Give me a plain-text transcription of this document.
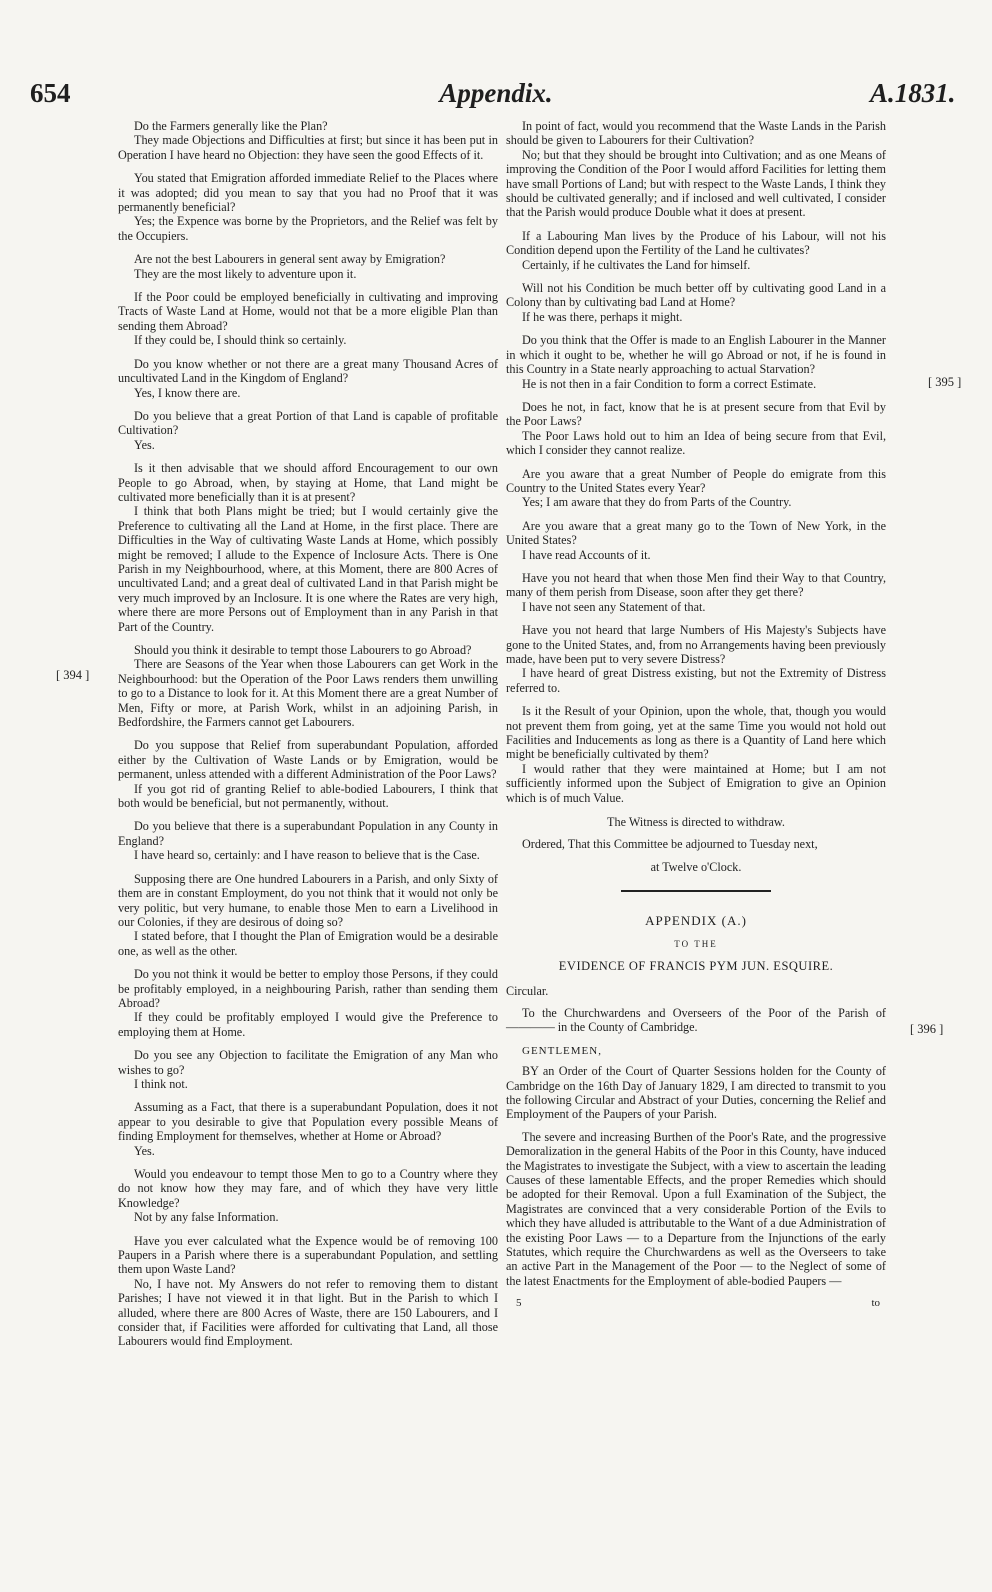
654	Appendix.	A.1831.
[ 394 ]
[ 395 ]
[ 396 ]

Do the Farmers generally like the Plan?

They made Objections and Difficulties at first; but since it has been put in Operation I have heard no Objection: they have seen the good Effects of it.

You stated that Emigration afforded immediate Relief to the Places where it was adopted; did you mean to say that you had no Proof that it was permanently beneficial?

Yes; the Expence was borne by the Proprietors, and the Relief was felt by the Occupiers.

Are not the best Labourers in general sent away by Emigration?

They are the most likely to adventure upon it.

If the Poor could be employed beneficially in cultivating and improving Tracts of Waste Land at Home, would not that be a more eligible Plan than sending them Abroad?

If they could be, I should think so certainly.

Do you know whether or not there are a great many Thousand Acres of uncultivated Land in the Kingdom of England?

Yes, I know there are.

Do you believe that a great Portion of that Land is capable of profitable Cultivation?

Yes.

Is it then advisable that we should afford Encouragement to our own People to go Abroad, when, by staying at Home, that Land might be cultivated more beneficially than it is at present?

I think that both Plans might be tried; but I would certainly give the Preference to cultivating all the Land at Home, in the first place. There are Difficulties in the Way of cultivating Waste Lands at Home, which possibly might be removed; I allude to the Expence of Inclosure Acts. There is One Parish in my Neighbourhood, where, at this Moment, there are 800 Acres of uncultivated Land; and a great deal of cultivated Land in that Parish might be very much improved by an Inclosure. It is one where the Rates are very high, where there are more Persons out of Employment than in any Parish in that Part of the Country.

Should you think it desirable to tempt those Labourers to go Abroad?

There are Seasons of the Year when those Labourers can get Work in the Neighbourhood: but the Operation of the Poor Laws renders them unwilling to go to a Distance to look for it. At this Moment there are a great Number of Men, Fifty or more, at Parish Work, whilst in an adjoining Parish, in Bedfordshire, the Farmers cannot get Labourers.

Do you suppose that Relief from superabundant Population, afforded either by the Cultivation of Waste Lands or by Emigration, would be permanent, unless attended with a different Administration of the Poor Laws?

If you got rid of granting Relief to able-bodied Labourers, I think that both would be beneficial, but not permanently, without.

Do you believe that there is a superabundant Population in any County in England?

I have heard so, certainly: and I have reason to believe that is the Case.

Supposing there are One hundred Labourers in a Parish, and only Sixty of them are in constant Employment, do you not think that it would not only be very politic, but very humane, to enable those Men to earn a Livelihood in our Colonies, if they are desirous of doing so?

I stated before, that I thought the Plan of Emigration would be a desirable one, as well as the other.

Do you not think it would be better to employ those Persons, if they could be profitably employed, in a neighbouring Parish, rather than sending them Abroad?

If they could be profitably employed I would give the Preference to employing them at Home.

Do you see any Objection to facilitate the Emigration of any Man who wishes to go?

I think not.

Assuming as a Fact, that there is a superabundant Population, does it not appear to you desirable to give that Population every possible Means of finding Employment for themselves, whether at Home or Abroad?

Yes.

Would you endeavour to tempt those Men to go to a Country where they do not know how they may fare, and of which they have very little Knowledge?

Not by any false Information.

Have you ever calculated what the Expence would be of removing 100 Paupers in a Parish where there is a superabundant Population, and settling them upon Waste Land?

No, I have not. My Answers do not refer to removing them to distant Parishes; I have not viewed it in that light. But in the Parish to which I alluded, where there are 800 Acres of Waste, there are 150 Labourers, and I consider that, if Facilities were afforded for cultivating that Land, all those Labourers would find Employment.

In point of fact, would you recommend that the Waste Lands in the Parish should be given to Labourers for their Cultivation?

No; but that they should be brought into Cultivation; and as one Means of improving the Condition of the Poor I would afford Facilities for letting them have small Portions of Land; but with respect to the Waste Lands, I think they should be cultivated generally; and if inclosed and well cultivated, I consider that the Parish would produce Double what it does at present.

If a Labouring Man lives by the Produce of his Labour, will not his Condition depend upon the Fertility of the Land he cultivates?

Certainly, if he cultivates the Land for himself.

Will not his Condition be much better off by cultivating good Land in a Colony than by cultivating bad Land at Home?

If he was there, perhaps it might.

Do you think that the Offer is made to an English Labourer in the Manner in which it ought to be, whether he will go Abroad or not, if he is found in this Country in a State nearly approaching to actual Starvation?

He is not then in a fair Condition to form a correct Estimate.

Does he not, in fact, know that he is at present secure from that Evil by the Poor Laws?

The Poor Laws hold out to him an Idea of being secure from that Evil, which I consider they cannot realize.

Are you aware that a great Number of People do emigrate from this Country to the United States every Year?

Yes; I am aware that they do from Parts of the Country.

Are you aware that a great many go to the Town of New York, in the United States?

I have read Accounts of it.

Have you not heard that when those Men find their Way to that Country, many of them perish from Disease, soon after they get there?

I have not seen any Statement of that.

Have you not heard that large Numbers of His Majesty's Subjects have gone to the United States, and, from no Arrangements having been previously made, have been put to very severe Distress?

I have heard of great Distress existing, but not the Extremity of Distress referred to.

Is it the Result of your Opinion, upon the whole, that, though you would not prevent them from going, yet at the same Time you would not hold out Facilities and Inducements as long as there is a Quantity of Land here which might be beneficially cultivated by them?

I would rather that they were maintained at Home; but I am not sufficiently informed upon the Subject of Emigration to give an Opinion which is of much Value.

The Witness is directed to withdraw.
Ordered, That this Committee be adjourned to Tuesday next,
at Twelve o'Clock.
APPENDIX (A.)
TO THE
EVIDENCE OF FRANCIS PYM JUN. ESQUIRE.
Circular.
To the Churchwardens and Overseers of the Poor of the Parish of ———— in the County of Cambridge.
GENTLEMEN,
BY an Order of the Court of Quarter Sessions holden for the County of Cambridge on the 16th Day of January 1829, I am directed to transmit to you the following Circular and Abstract of your Duties, concerning the Relief and Employment of the Paupers of your Parish.
The severe and increasing Burthen of the Poor's Rate, and the progressive Demoralization in the general Habits of the Poor in this County, have induced the Magistrates to investigate the Subject, with a view to ascertain the leading Causes of these lamentable Effects, and the proper Remedies which should be adopted for their Removal. Upon a full Examination of the Subject, the Magistrates are convinced that a very considerable Portion of the Evils to which they have alluded is attributable to the Want of a due Administration of the existing Poor Laws — to a Departure from the Injunctions of the early Statutes, which require the Churchwardens as well as the Overseers to take an active Part in the Management of the Poor — to the Neglect of some of the latest Enactments for the Employment of able-bodied Paupers —
5	to
